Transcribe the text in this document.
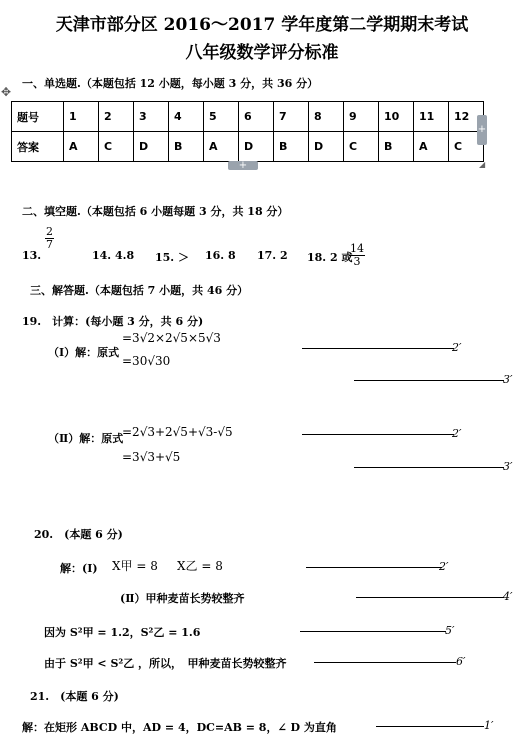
天津市部分区 2016～2017 学年度第二学期期末考试
八年级数学评分标准
一、单选题.（本题包括 12 小题，每小题 3 分，共 36 分）
✥
题号	1	2	3	4	5	6	7	8	9	10	11	12
答案	A	C	D	B	A	D	B	D	C	B	A	C
+
+	◢
二、填空题.（本题包括 6 小题每题 3 分，共 18 分）
13.
$\frac{2}{7}$
14. 4.8 15. ＞ 16. 8 17. 2 18. 2 或
$\frac{14}{3}$
三、解答题.（本题包括 7 小题，共 46 分）
19.　计算：(每小题 3 分，共 6 分)
（Ⅰ）解：原式
=3√2×2√5×5√3
=30√30
2′
3′
（Ⅱ）解：原式
=2√3+2√5+√3-√5
=3√3+√5
2′
3′
20.　(本题 6 分)
解：(Ⅰ) X甲 = 8 X乙 = 8	2′
(Ⅱ）甲种麦苗长势较整齐	4′
因为 S²甲 = 1.2，S²乙 = 1.6	5′
由于 S²甲 < S²乙 ，所以，　甲种麦苗长势较整齐	6′
21.　(本题 6 分)
解：在矩形 ABCD 中，AD = 4，DC=AB = 8，∠ D 为直角	1′
